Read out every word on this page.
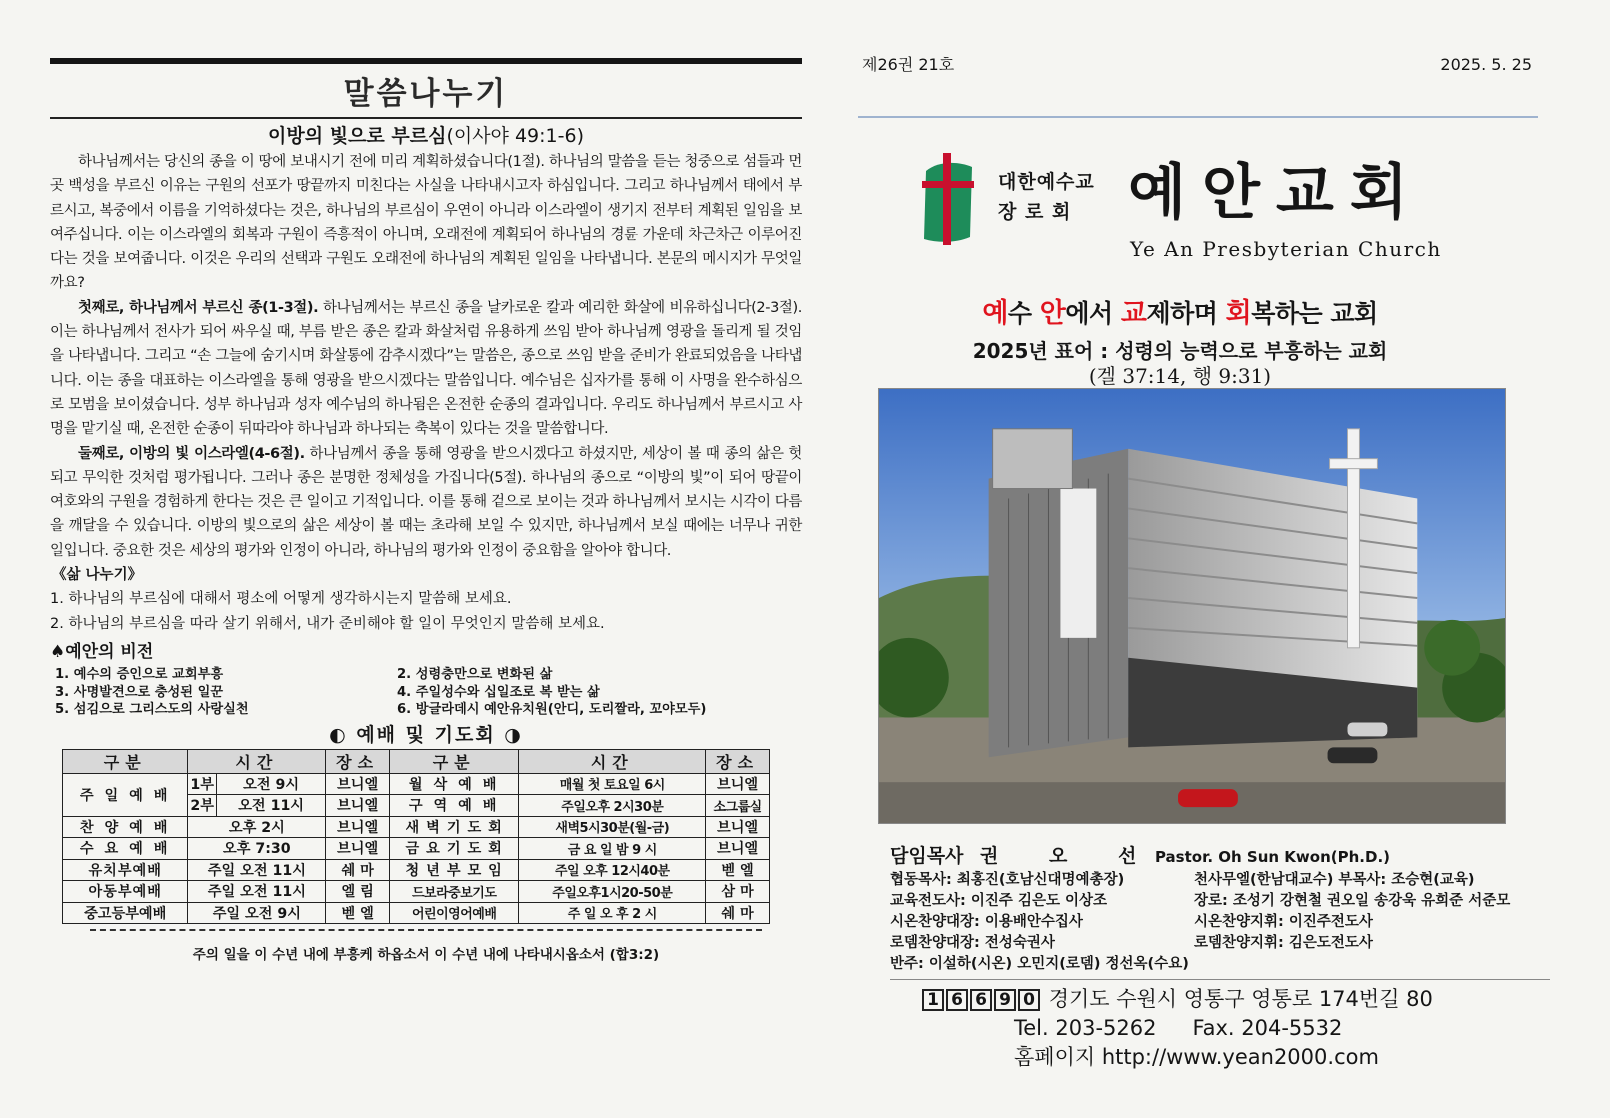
말씀나누기
이방의 빛으로 부르심(이사야 49:1-6)

하나님께서는 당신의 종을 이 땅에 보내시기 전에 미리 계획하셨습니다(1절). 하나님의 말씀을 듣는 청중으로 섬들과 먼 곳 백성을 부르신 이유는 구원의 선포가 땅끝까지 미친다는 사실을 나타내시고자 하심입니다. 그리고 하나님께서 태에서 부르시고, 복중에서 이름을 기억하셨다는 것은, 하나님의 부르심이 우연이 아니라 이스라엘이 생기지 전부터 계획된 일임을 보여주십니다. 이는 이스라엘의 회복과 구원이 즉흥적이 아니며, 오래전에 계획되어 하나님의 경륜 가운데 차근차근 이루어진다는 것을 보여줍니다. 이것은 우리의 선택과 구원도 오래전에 하나님의 계획된 일임을 나타냅니다. 본문의 메시지가 무엇일까요?

첫째로, 하나님께서 부르신 종(1-3절). 하나님께서는 부르신 종을 날카로운 칼과 예리한 화살에 비유하십니다(2-3절). 이는 하나님께서 전사가 되어 싸우실 때, 부름 받은 종은 칼과 화살처럼 유용하게 쓰임 받아 하나님께 영광을 돌리게 될 것임을 나타냅니다. 그리고 “손 그늘에 숨기시며 화살통에 감추시겠다”는 말씀은, 종으로 쓰임 받을 준비가 완료되었음을 나타냅니다. 이는 종을 대표하는 이스라엘을 통해 영광을 받으시겠다는 말씀입니다. 예수님은 십자가를 통해 이 사명을 완수하심으로 모범을 보이셨습니다. 성부 하나님과 성자 예수님의 하나됨은 온전한 순종의 결과입니다. 우리도 하나님께서 부르시고 사명을 맡기실 때, 온전한 순종이 뒤따라야 하나님과 하나되는 축복이 있다는 것을 말씀합니다.

둘째로, 이방의 빛 이스라엘(4-6절). 하나님께서 종을 통해 영광을 받으시겠다고 하셨지만, 세상이 볼 때 종의 삶은 헛되고 무익한 것처럼 평가됩니다. 그러나 종은 분명한 정체성을 가집니다(5절). 하나님의 종으로 “이방의 빛”이 되어 땅끝이 여호와의 구원을 경험하게 한다는 것은 큰 일이고 기적입니다. 이를 통해 겉으로 보이는 것과 하나님께서 보시는 시각이 다름을 깨달을 수 있습니다. 이방의 빛으로의 삶은 세상이 볼 때는 초라해 보일 수 있지만, 하나님께서 보실 때에는 너무나 귀한 일입니다. 중요한 것은 세상의 평가와 인정이 아니라, 하나님의 평가와 인정이 중요함을 알아야 합니다.

《삶 나누기》
1. 하나님의 부르심에 대해서 평소에 어떻게 생각하시는지 말씀해 보세요.
2. 하나님의 부르심을 따라 살기 위해서, 내가 준비해야 할 일이 무엇인지 말씀해 보세요.
♠예안의 비전
1. 예수의 증인으로 교회부흥	2. 성령충만으로 변화된 삶
3. 사명발견으로 충성된 일꾼	4. 주일성수와 십일조로 복 받는 삶
5. 섬김으로 그리스도의 사랑실천	6. 방글라데시 예안유치원(안디, 도리짤라, 꼬야모두)
◐ 예배 및 기도회 ◑
구분	시간		장소	구분	시간	장소
주 일 예 배	1부	오전 9시	브니엘	월 삭 예 배	매월 첫 토요일 6시	브니엘
	2부	오전 11시	브니엘	구 역 예 배	주일오후 2시30분	소그룹실
찬 양 예 배	오후 2시		브니엘	새 벽 기 도 회	새벽5시30분(월-금)	브니엘
수 요 예 배	오후 7:30		브니엘	금 요 기 도 회	금 요 일 밤 9 시	브니엘
유치부예배	주일 오전 11시		쉐 마	청 년 부 모 임	주일 오후 12시40분	벧 엘
아동부예배	주일 오전 11시		엘 림	드보라중보기도	주일오후1시20-50분	삼 마
중고등부예배	주일 오전 9시		벧 엘	어린이영어예배	주 일 오 후 2 시	쉐 마
주의 일을 이 수년 내에 부흥케 하옵소서 이 수년 내에 나타내시옵소서 (합3:2)
제26권 21호	2025. 5. 25
대한예수교
장 로 회 예안교회
Ye An Presbyterian Church
예수 안에서 교제하며 회복하는 교회
2025년 표어 : 성령의 능력으로 부흥하는 교회
(겔 37:14, 행 9:31)
담임목사 권 오 선 Pastor. Oh Sun Kwon(Ph.D.)
협동목사: 최홍진(호남신대명예총장)	천사무엘(한남대교수) 부목사: 조승현(교육)
교육전도사: 이진주 김은도 이상조	장로: 조성기 강현철 권오일 송강욱 유희준 서준모
시온찬양대장: 이용배안수집사	시온찬양지휘: 이진주전도사
로뎀찬양대장: 전성숙권사	로뎀찬양지휘: 김은도전도사
반주: 이설하(시온) 오민지(로뎀) 정선옥(수요)
1 6 6 9 0 경기도 수원시 영통구 영통로 174번길 80
Tel. 203-5262 Fax. 204-5532
홈페이지 http://www.yean2000.com
